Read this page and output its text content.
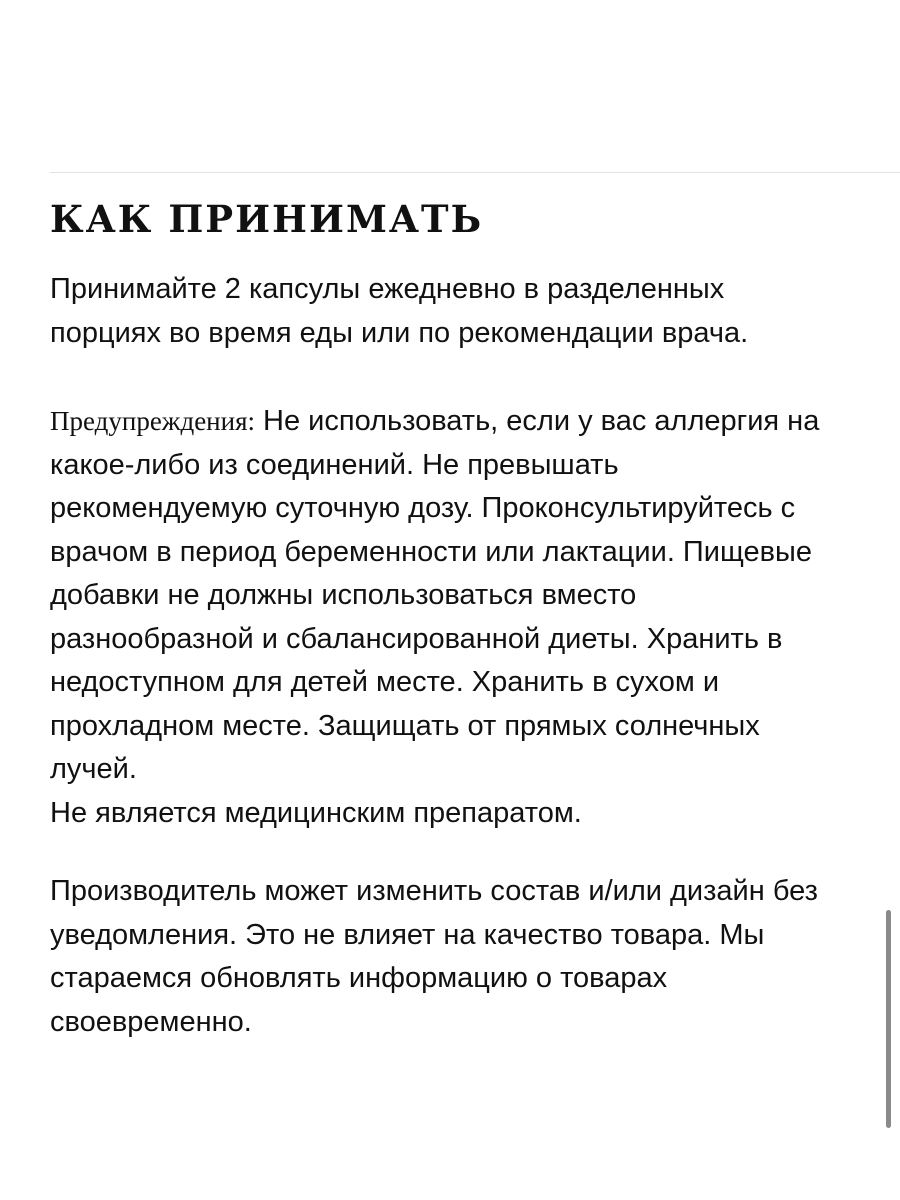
КАК ПРИНИМАТЬ
Принимайте 2 капсулы ежедневно в разделенных
порциях во время еды или по рекомендации врача.
Предупреждения: Не использовать, если у вас аллергия на
какое-либо из соединений. Не превышать
рекомендуемую суточную дозу. Проконсультируйтесь с
врачом в период беременности или лактации. Пищевые
добавки не должны использоваться вместо
разнообразной и сбалансированной диеты. Хранить в
недоступном для детей месте. Хранить в сухом и
прохладном месте. Защищать от прямых солнечных
лучей.
Не является медицинским препаратом.
Производитель может изменить состав и/или дизайн без
уведомления. Это не влияет на качество товара. Мы
стараемся обновлять информацию о товарах
своевременно.
